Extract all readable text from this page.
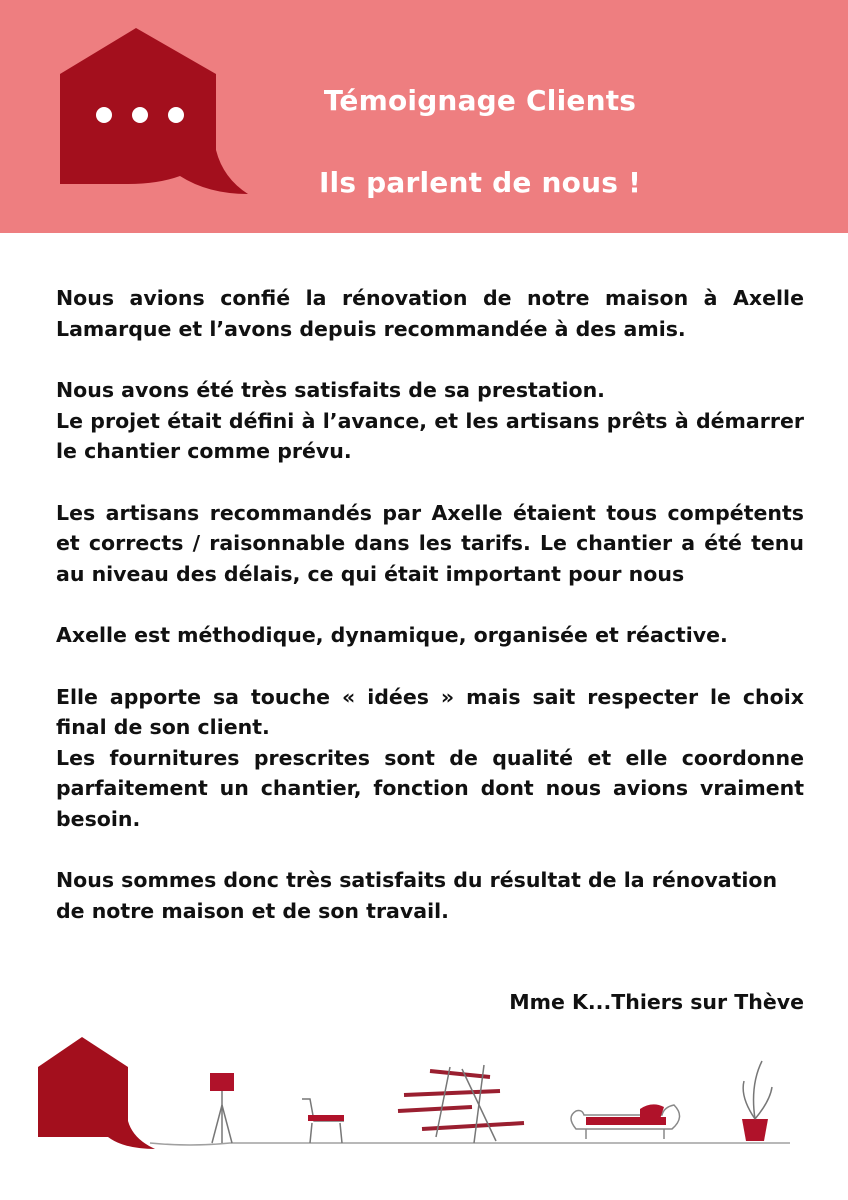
Témoignage Clients
Ils parlent de nous !

Nous avions confié la rénovation de notre maison à Axelle Lamarque et l’avons depuis recommandée à des amis.

Nous avons été très satisfaits de sa prestation.
Le projet était défini à l’avance, et les artisans prêts à démarrer le chantier comme prévu.

Les artisans recommandés par Axelle étaient tous compétents et corrects / raisonnable dans les tarifs. Le chantier a été tenu au niveau des délais, ce qui était important pour nous

Axelle est méthodique, dynamique, organisée et réactive.

Elle apporte sa touche « idées » mais sait respecter le choix final de son client.
Les fournitures prescrites sont de qualité et elle coordonne parfaitement un chantier, fonction dont nous avions vraiment besoin.

Nous sommes donc très satisfaits du résultat de la rénovation de notre maison et de son travail.

Mme K...Thiers sur Thève
